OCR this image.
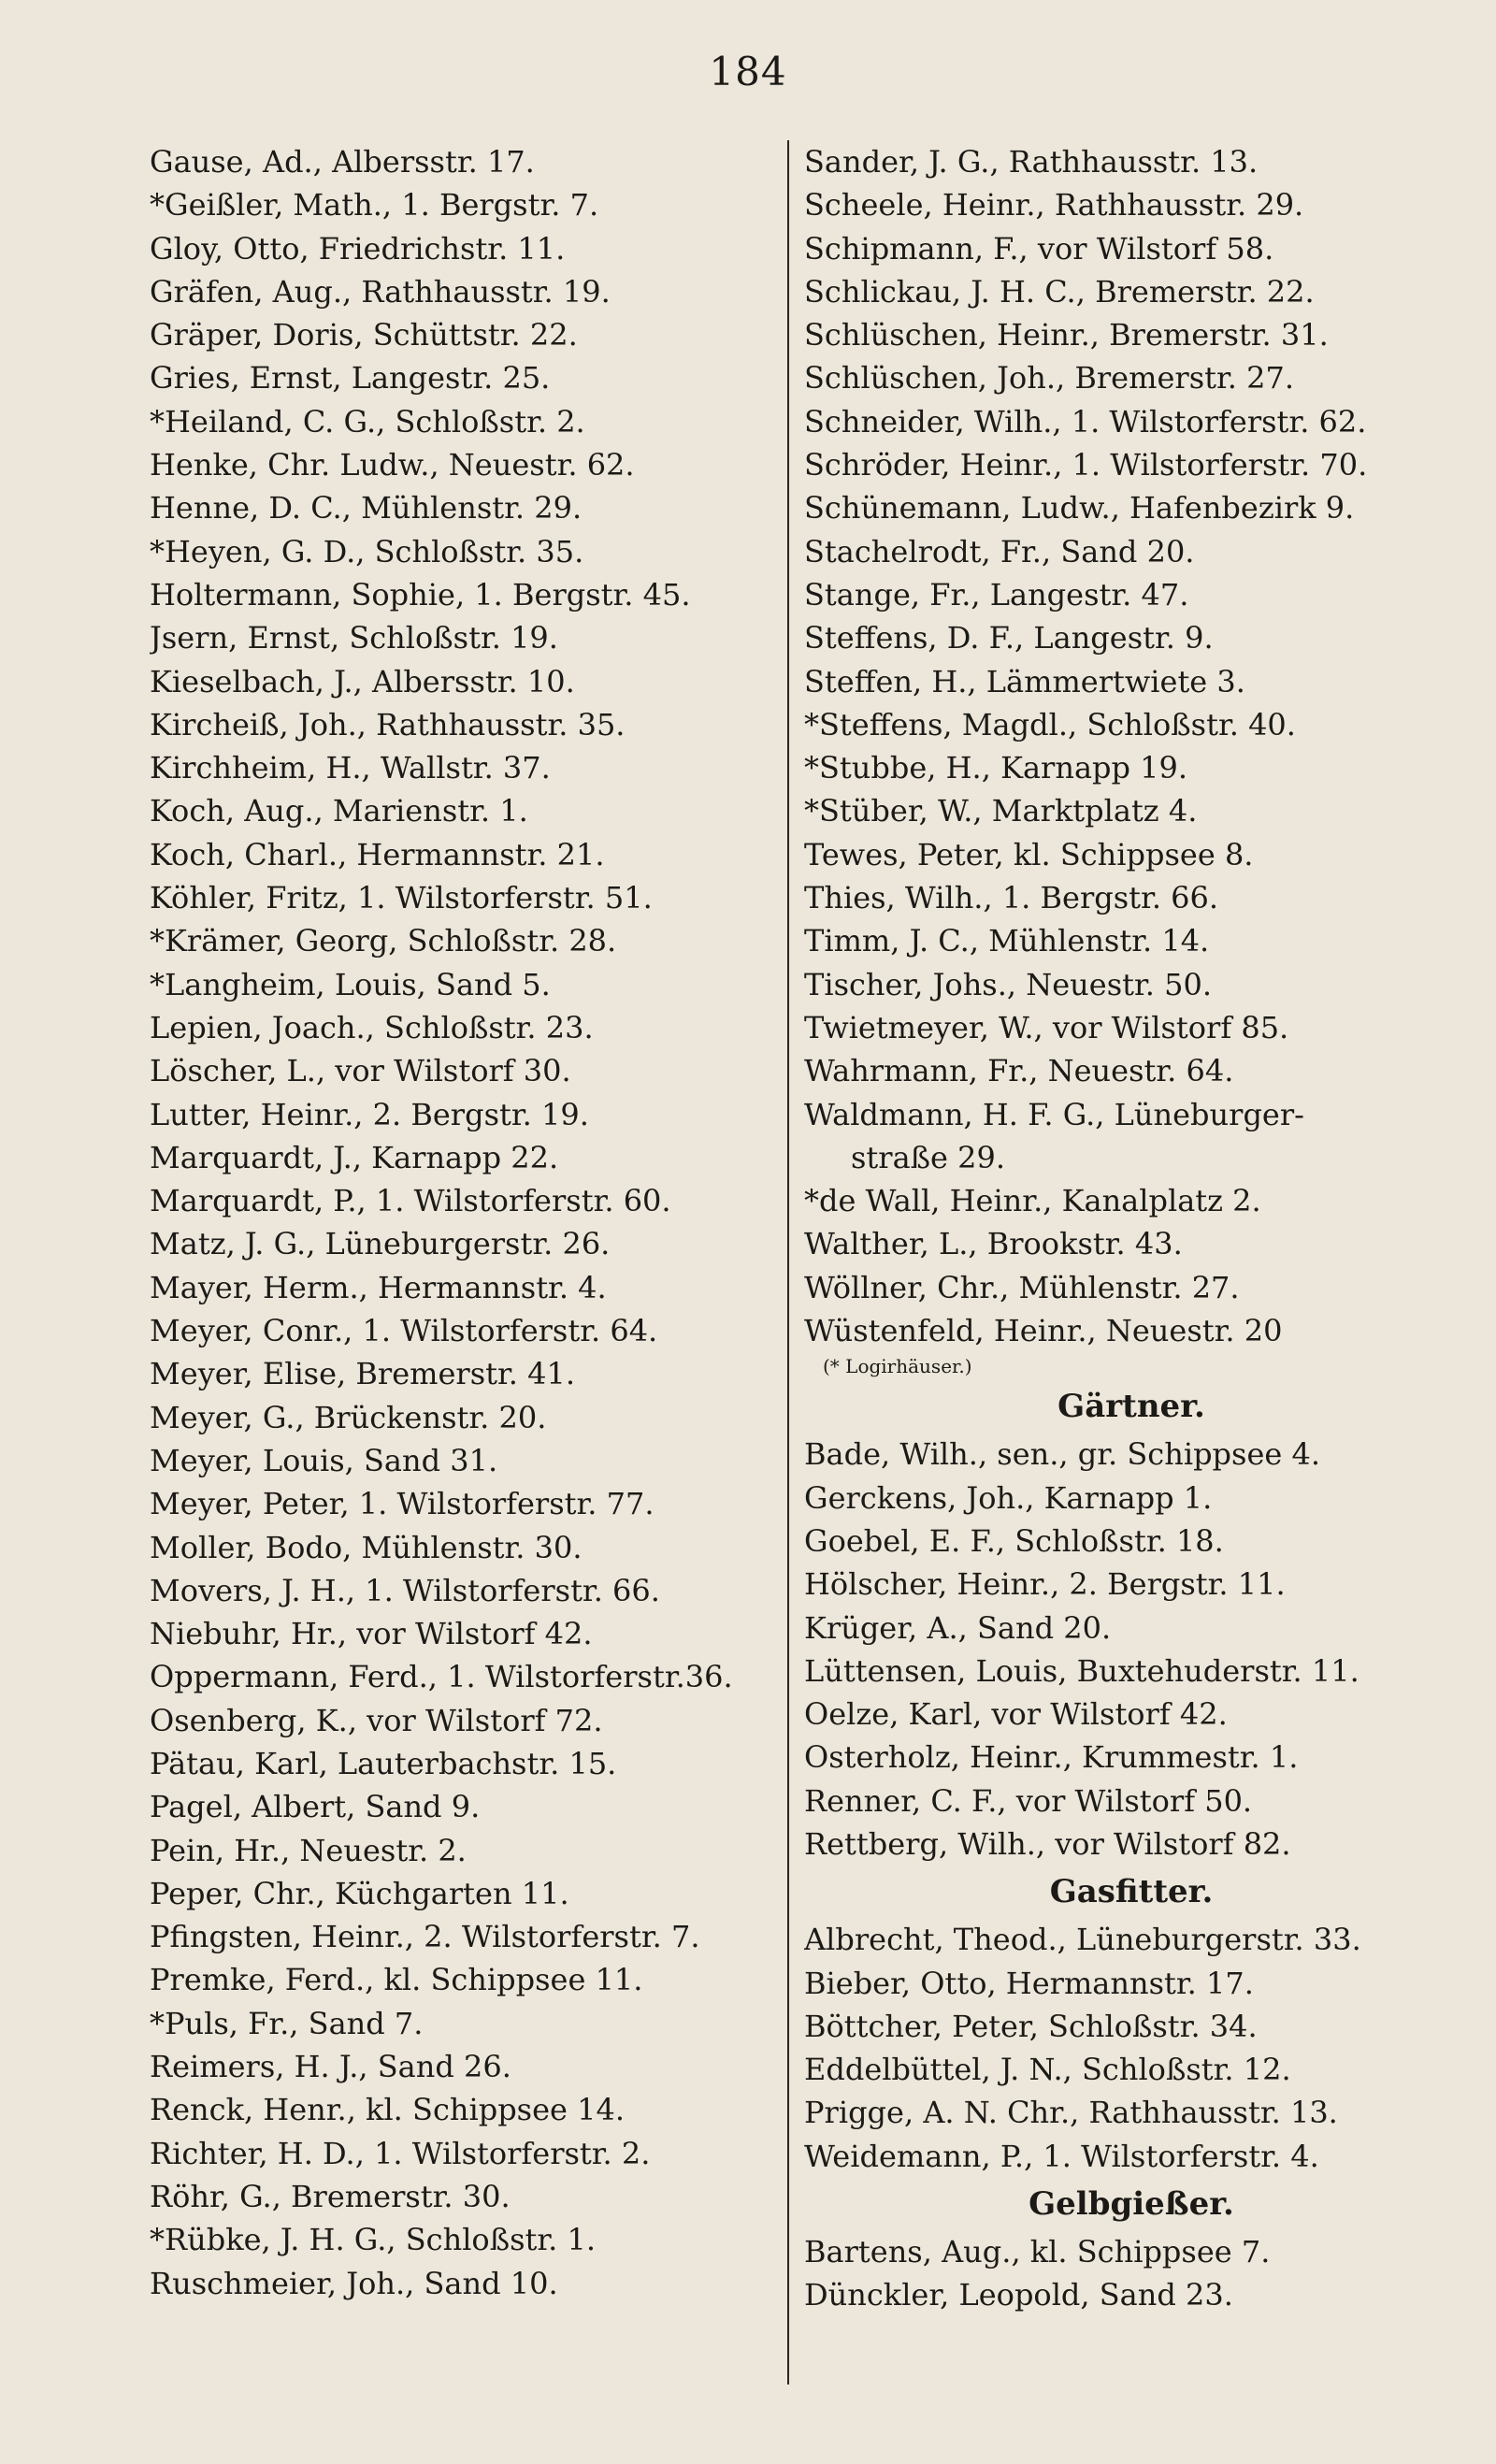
184
Gause, Ad., Albersstr. 17.
*Geißler, Math., 1. Bergstr. 7.
Gloy, Otto, Friedrichstr. 11.
Gräfen, Aug., Rathhausstr. 19.
Gräper, Doris, Schüttstr. 22.
Gries, Ernst, Langestr. 25.
*Heiland, C. G., Schloßstr. 2.
Henke, Chr. Ludw., Neuestr. 62.
Henne, D. C., Mühlenstr. 29.
*Heyen, G. D., Schloßstr. 35.
Holtermann, Sophie, 1. Bergstr. 45.
Jsern, Ernst, Schloßstr. 19.
Kieselbach, J., Albersstr. 10.
Kircheiß, Joh., Rathhausstr. 35.
Kirchheim, H., Wallstr. 37.
Koch, Aug., Marienstr. 1.
Koch, Charl., Hermannstr. 21.
Köhler, Fritz, 1. Wilstorferstr. 51.
*Krämer, Georg, Schloßstr. 28.
*Langheim, Louis, Sand 5.
Lepien, Joach., Schloßstr. 23.
Löscher, L., vor Wilstorf 30.
Lutter, Heinr., 2. Bergstr. 19.
Marquardt, J., Karnapp 22.
Marquardt, P., 1. Wilstorferstr. 60.
Matz, J. G., Lüneburgerstr. 26.
Mayer, Herm., Hermannstr. 4.
Meyer, Conr., 1. Wilstorferstr. 64.
Meyer, Elise, Bremerstr. 41.
Meyer, G., Brückenstr. 20.
Meyer, Louis, Sand 31.
Meyer, Peter, 1. Wilstorferstr. 77.
Moller, Bodo, Mühlenstr. 30.
Movers, J. H., 1. Wilstorferstr. 66.
Niebuhr, Hr., vor Wilstorf 42.
Oppermann, Ferd., 1. Wilstorferstr.36.
Osenberg, K., vor Wilstorf 72.
Pätau, Karl, Lauterbachstr. 15.
Pagel, Albert, Sand 9.
Pein, Hr., Neuestr. 2.
Peper, Chr., Küchgarten 11.
Pfingsten, Heinr., 2. Wilstorferstr. 7.
Premke, Ferd., kl. Schippsee 11.
*Puls, Fr., Sand 7.
Reimers, H. J., Sand 26.
Renck, Henr., kl. Schippsee 14.
Richter, H. D., 1. Wilstorferstr. 2.
Röhr, G., Bremerstr. 30.
*Rübke, J. H. G., Schloßstr. 1.
Ruschmeier, Joh., Sand 10.
Sander, J. G., Rathhausstr. 13.
Scheele, Heinr., Rathhausstr. 29.
Schipmann, F., vor Wilstorf 58.
Schlickau, J. H. C., Bremerstr. 22.
Schlüschen, Heinr., Bremerstr. 31.
Schlüschen, Joh., Bremerstr. 27.
Schneider, Wilh., 1. Wilstorferstr. 62.
Schröder, Heinr., 1. Wilstorferstr. 70.
Schünemann, Ludw., Hafenbezirk 9.
Stachelrodt, Fr., Sand 20.
Stange, Fr., Langestr. 47.
Steffens, D. F., Langestr. 9.
Steffen, H., Lämmertwiete 3.
*Steffens, Magdl., Schloßstr. 40.
*Stubbe, H., Karnapp 19.
*Stüber, W., Marktplatz 4.
Tewes, Peter, kl. Schippsee 8.
Thies, Wilh., 1. Bergstr. 66.
Timm, J. C., Mühlenstr. 14.
Tischer, Johs., Neuestr. 50.
Twietmeyer, W., vor Wilstorf 85.
Wahrmann, Fr., Neuestr. 64.
Waldmann, H. F. G., Lüneburger-
straße 29.
*de Wall, Heinr., Kanalplatz 2.
Walther, L., Brookstr. 43.
Wöllner, Chr., Mühlenstr. 27.
Wüstenfeld, Heinr., Neuestr. 20
(* Logirhäuser.)
Gärtner.
Bade, Wilh., sen., gr. Schippsee 4.
Gerckens, Joh., Karnapp 1.
Goebel, E. F., Schloßstr. 18.
Hölscher, Heinr., 2. Bergstr. 11.
Krüger, A., Sand 20.
Lüttensen, Louis, Buxtehuderstr. 11.
Oelze, Karl, vor Wilstorf 42.
Osterholz, Heinr., Krummestr. 1.
Renner, C. F., vor Wilstorf 50.
Rettberg, Wilh., vor Wilstorf 82.
Gasfitter.
Albrecht, Theod., Lüneburgerstr. 33.
Bieber, Otto, Hermannstr. 17.
Böttcher, Peter, Schloßstr. 34.
Eddelbüttel, J. N., Schloßstr. 12.
Prigge, A. N. Chr., Rathhausstr. 13.
Weidemann, P., 1. Wilstorferstr. 4.
Gelbgießer.
Bartens, Aug., kl. Schippsee 7.
Dünckler, Leopold, Sand 23.
